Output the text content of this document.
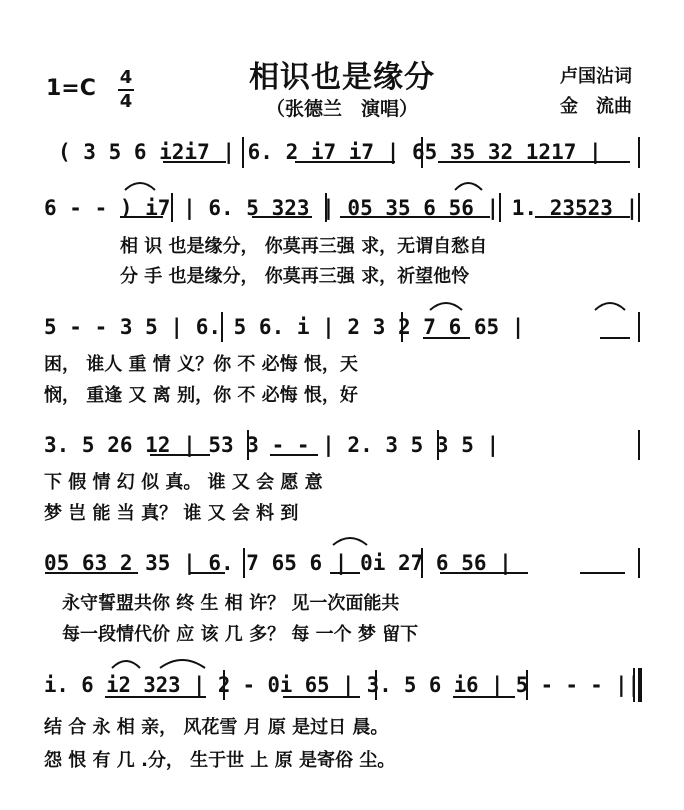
相识也是缘分
（张德兰　演唱）
1=C 4
4
卢国沾词
金　流曲
( 3 5 6 i2i7 | 6. 2 i7 i7 | 65 35 32 1217 |
6 - - ) i7 | 6. 5 323 | 05 35 6 56 | 1. 23523 |
相 识 也是缘分， 你莫再三强 求，无谓自愁自
分 手 也是缘分， 你莫再三强 求，祈望他怜
5 - - 3 5 | 6. 5 6. i | 2 3 2 7 6 65 |
困， 谁人 重 情 义？你 不 必悔 恨，天
悯， 重逢 又 离 别，你 不 必悔 恨，好
3. 5 26 12 | 53 3 - - | 2. 3 5 3 5 |
下 假 情 幻 似 真。 谁 又 会 愿 意
梦 岂 能 当 真？ 谁 又 会 料 到
05 63 2 35 | 6. 7 65 6 | 0i 27 6 56 |
永守誓盟共你 终 生 相 许？ 见一次面能共
每一段情代价 应 该 几 多？ 每 一个 梦 留下
i. 6 i2 323 | 2 - 0i 65 | 3. 5 6 i6 | 5 - - - ||
结 合 永 相 亲， 风花雪 月 原 是过日 晨。
怨 恨 有 几 .分， 生于世 上 原 是寄俗 尘。
